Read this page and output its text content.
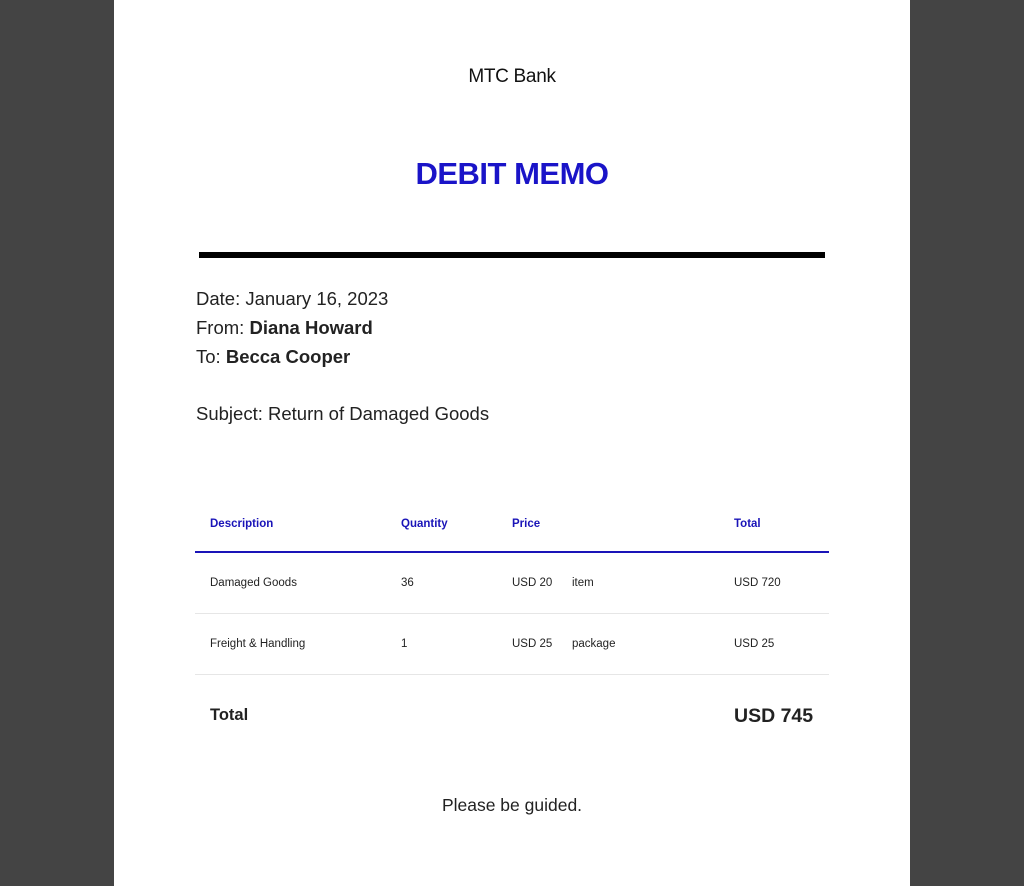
MTC Bank
DEBIT MEMO
Date: January 16, 2023
From: Diana Howard
To: Becca Cooper
Subject: Return of Damaged Goods
Description	Quantity	Price		Total
Damaged Goods	36	USD 20	item	USD 720
Freight & Handling	1	USD 25	package	USD 25
Total	USD 745
Please be guided.
